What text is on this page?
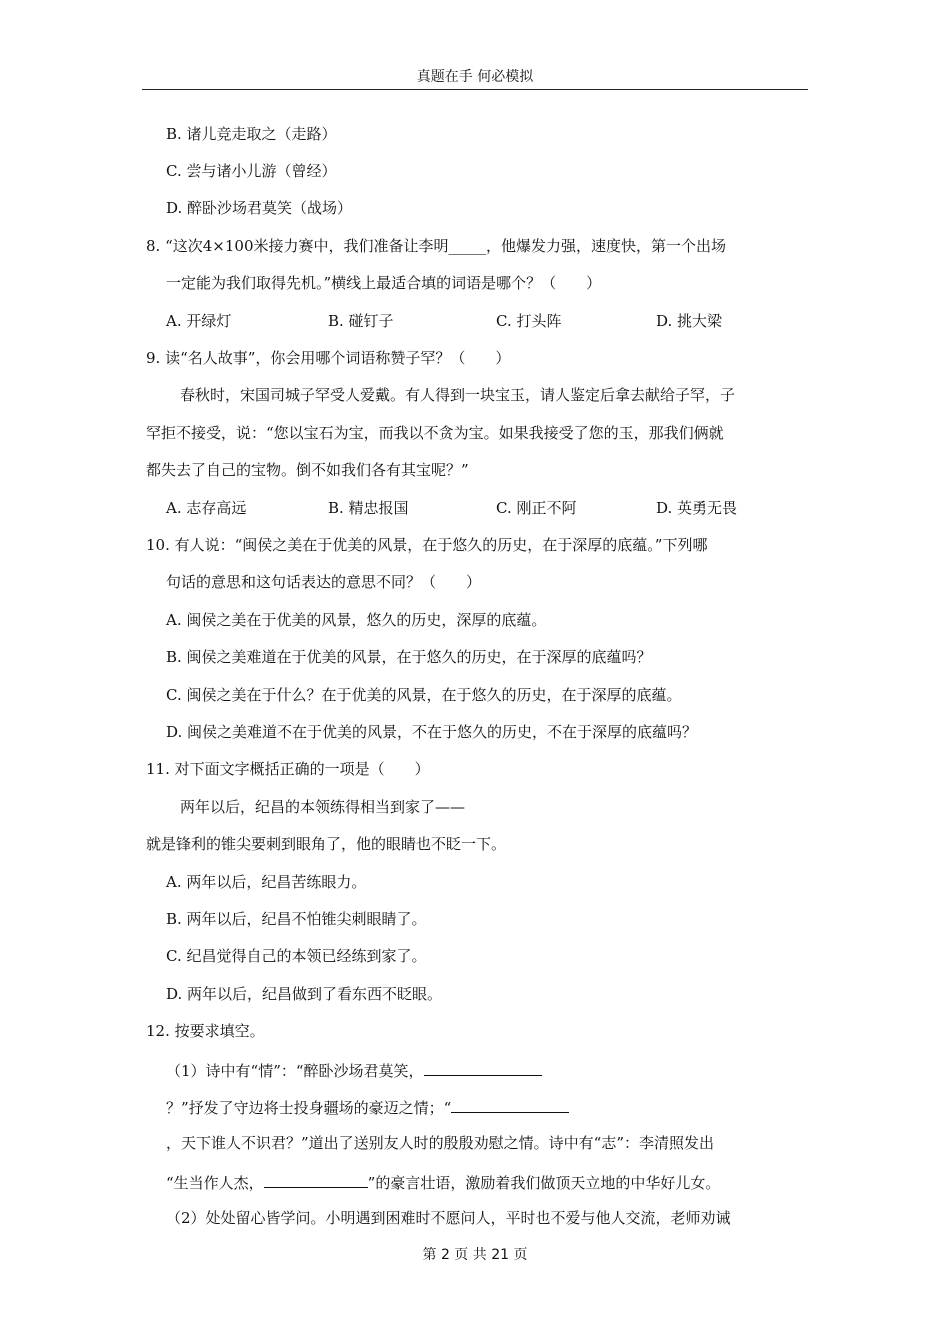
真题在手 何必模拟
B. 诸儿竞走取之（走路）
C. 尝与诸小儿游（曾经）
D. 醉卧沙场君莫笑（战场）
8. “这次4×100米接力赛中，我们准备让李明_____，他爆发力强，速度快，第一个出场
一定能为我们取得先机。”横线上最适合填的词语是哪个？（　　）
A. 开绿灯	B. 碰钉子	C. 打头阵	D. 挑大梁
9. 读“名人故事”，你会用哪个词语称赞子罕？（　　）
春秋时，宋国司城子罕受人爱戴。有人得到一块宝玉，请人鉴定后拿去献给子罕，子
罕拒不接受，说：“您以宝石为宝，而我以不贪为宝。如果我接受了您的玉，那我们俩就
都失去了自己的宝物。倒不如我们各有其宝呢？”
A. 志存高远	B. 精忠报国	C. 刚正不阿	D. 英勇无畏
10. 有人说：“闽侯之美在于优美的风景，在于悠久的历史，在于深厚的底蕴。”下列哪
句话的意思和这句话表达的意思不同？（　　）
A. 闽侯之美在于优美的风景，悠久的历史，深厚的底蕴。
B. 闽侯之美难道在于优美的风景，在于悠久的历史，在于深厚的底蕴吗？
C. 闽侯之美在于什么？在于优美的风景，在于悠久的历史，在于深厚的底蕴。
D. 闽侯之美难道不在于优美的风景，不在于悠久的历史，不在于深厚的底蕴吗？
11. 对下面文字概括正确的一项是（　　）
两年以后，纪昌的本领练得相当到家了——
就是锋利的锥尖要刺到眼角了，他的眼睛也不眨一下。
A. 两年以后，纪昌苦练眼力。
B. 两年以后，纪昌不怕锥尖刺眼睛了。
C. 纪昌觉得自己的本领已经练到家了。
D. 两年以后，纪昌做到了看东西不眨眼。
12. 按要求填空。
（1）诗中有“情”：“醉卧沙场君莫笑，
？”抒发了守边将士投身疆场的豪迈之情；“
，天下谁人不识君？”道出了送别友人时的殷殷劝慰之情。诗中有“志”：李清照发出
“生当作人杰，	”的豪言壮语，激励着我们做顶天立地的中华好儿女。
（2）处处留心皆学问。小明遇到困难时不愿问人，平时也不爱与他人交流，老师劝诫
第 2 页 共 21 页
